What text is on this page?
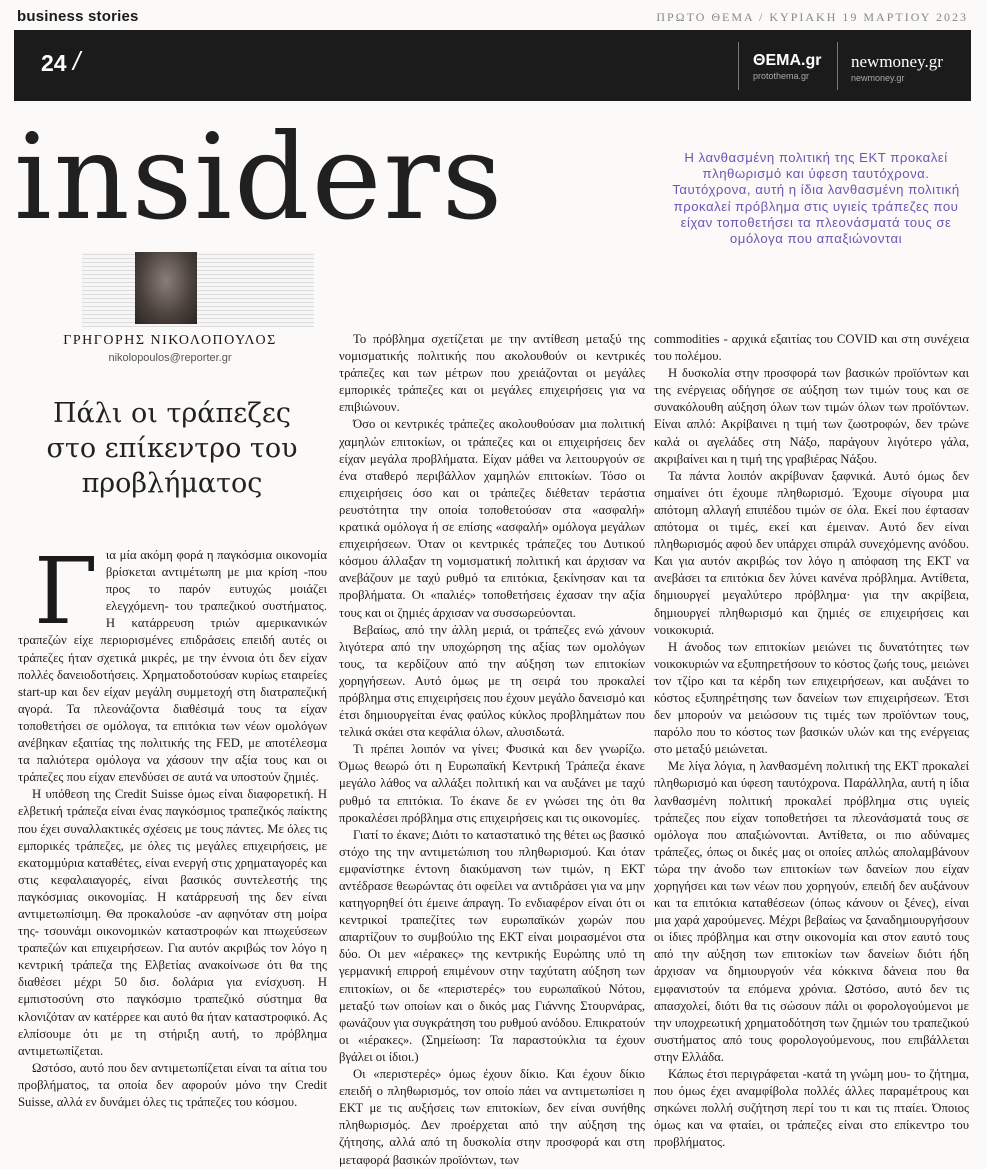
business stories	ΠΡΩΤΟ ΘΕΜΑ / ΚΥΡΙΑΚΗ 19 ΜΑΡΤΙΟΥ 2023
24 /	ΘΕΜΑ.gr
protothema.gr
newmoney.gr
newmoney.gr
insiders	Η λανθασμένη πολιτική της ΕΚΤ προκαλεί πληθωρισμό και ύφεση ταυτόχρονα. Ταυτόχρονα, αυτή η ίδια λανθασμένη πολιτική προκαλεί πρόβλημα στις υγιείς τράπεζες που είχαν τοποθετήσει τα πλεονάσματά τους σε ομόλογα που απαξιώνονται
ΓΡΗΓΟΡΗΣ ΝΙΚΟΛΟΠΟΥΛΟΣ
nikolopoulos@reporter.gr
Πάλι οι τράπεζες στο επίκεντρο του προβλήματος
Γ ια μία ακόμη φορά η παγκόσμια οικονομία βρίσκεται αντιμέτωπη με μια κρίση -που προς το παρόν ευτυχώς μοιάζει ελεγχόμενη- του τραπεζικού συστήματος. Η κατάρρευση τριών αμερικανικών τραπεζών είχε περιορισμένες επιδράσεις επειδή αυτές οι τράπεζες ήταν σχετικά μικρές, με την έννοια ότι δεν είχαν πολλές δανειοδοτήσεις. Χρηματοδοτούσαν κυρίως εταιρείες start-up και δεν είχαν μεγάλη συμμετοχή στη διατραπεζική αγορά. Τα πλεονάζοντα διαθέσιμά τους τα είχαν τοποθετήσει σε ομόλογα, τα επιτόκια των νέων ομολόγων ανέβηκαν εξαιτίας της πολιτικής της FED, με αποτέλεσμα τα παλιότερα ομόλογα να χάσουν την αξία τους και οι τράπεζες που είχαν επενδύσει σε αυτά να υποστούν ζημιές.

Η υπόθεση της Credit Suisse όμως είναι διαφορετική. Η ελβετική τράπεζα είναι ένας παγκόσμιος τραπεζικός παίκτης που έχει συναλλακτικές σχέσεις με τους πάντες. Με όλες τις εμπορικές τράπεζες, με όλες τις μεγάλες επιχειρήσεις, με εκατομμύρια καταθέτες, είναι ενεργή στις χρηματαγορές και στις κεφαλαιαγορές, είναι βασικός συντελεστής της παγκόσμιας οικονομίας. Η κατάρρευσή της δεν είναι αντιμετωπίσιμη. Θα προκαλούσε -αν αφηνόταν στη μοίρα της- τσουνάμι οικονομικών καταστροφών και πτωχεύσεων τραπεζών και επιχειρήσεων. Για αυτόν ακριβώς τον λόγο η κεντρική τράπεζα της Ελβετίας ανακοίνωσε ότι θα της διαθέσει μέχρι 50 δισ. δολάρια για ενίσχυση. Η εμπιστοσύνη στο παγκόσμιο τραπεζικό σύστημα θα κλονιζόταν αν κατέρρεε και αυτό θα ήταν καταστροφικό. Ας ελπίσουμε ότι με τη στήριξη αυτή, το πρόβλημα αντιμετωπίζεται.

Ωστόσο, αυτό που δεν αντιμετωπίζεται είναι τα αίτια του προβλήματος, τα οποία δεν αφορούν μόνο την Credit Suisse, αλλά εν δυνάμει όλες τις τράπεζες του κόσμου.

Το πρόβλημα σχετίζεται με την αντίθεση μεταξύ της νομισματικής πολιτικής που ακολουθούν οι κεντρικές τράπεζες και των μέτρων που χρειάζονται οι μεγάλες εμπορικές τράπεζες και οι μεγάλες επιχειρήσεις για να επιβιώνουν.

Όσο οι κεντρικές τράπεζες ακολουθούσαν μια πολιτική χαμηλών επιτοκίων, οι τράπεζες και οι επιχειρήσεις δεν είχαν μεγάλα προβλήματα. Είχαν μάθει να λειτουργούν σε ένα σταθερό περιβάλλον χαμηλών επιτοκίων. Τόσο οι επιχειρήσεις όσο και οι τράπεζες διέθεταν τεράστια ρευστότητα την οποία τοποθετούσαν στα «ασφαλή» κρατικά ομόλογα ή σε επίσης «ασφαλή» ομόλογα μεγάλων επιχειρήσεων. Όταν οι κεντρικές τράπεζες του Δυτικού κόσμου άλλαξαν τη νομισματική πολιτική και άρχισαν να ανεβάζουν με ταχύ ρυθμό τα επιτόκια, ξεκίνησαν και τα προβλήματα. Οι «παλιές» τοποθετήσεις έχασαν την αξία τους και οι ζημιές άρχισαν να συσσωρεύονται.

Βεβαίως, από την άλλη μεριά, οι τράπεζες ενώ χάνουν λιγότερα από την υποχώρηση της αξίας των ομολόγων τους, τα κερδίζουν από την αύξηση των επιτοκίων χορηγήσεων. Αυτό όμως με τη σειρά του προκαλεί πρόβλημα στις επιχειρήσεις που έχουν μεγάλο δανεισμό και έτσι δημιουργείται ένας φαύλος κύκλος προβλημάτων που τελικά σκάει στα κεφάλια όλων, αλυσιδωτά.

Τι πρέπει λοιπόν να γίνει; Φυσικά και δεν γνωρίζω. Όμως θεωρώ ότι η Ευρωπαϊκή Κεντρική Τράπεζα έκανε μεγάλο λάθος να αλλάξει πολιτική και να αυξάνει με ταχύ ρυθμό τα επιτόκια. Το έκανε δε εν γνώσει της ότι θα προκαλέσει πρόβλημα στις επιχειρήσεις και τις οικονομίες.

Γιατί το έκανε; Διότι το καταστατικό της θέτει ως βασικό στόχο της την αντιμετώπιση του πληθωρισμού. Και όταν εμφανίστηκε έντονη διακύμανση των τιμών, η ΕΚΤ αντέδρασε θεωρώντας ότι οφείλει να αντιδράσει για να μην κατηγορηθεί ότι έμεινε άπραγη. Το ενδιαφέρον είναι ότι οι κεντρικοί τραπεζίτες των ευρωπαϊκών χωρών που απαρτίζουν το συμβούλιο της ΕΚΤ είναι μοιρασμένοι στα δύο. Οι μεν «ιέρακες» της κεντρικής Ευρώπης υπό τη γερμανική επιρροή επιμένουν στην ταχύτατη αύξηση των επιτοκίων, οι δε «περιστερές» του ευρωπαϊκού Νότου, μεταξύ των οποίων και ο δικός μας Γιάννης Στουρνάρας, φωνάζουν για συγκράτηση του ρυθμού ανόδου. Επικρατούν οι «ιέρακες». (Σημείωση: Τα παραστούκλια τα έχουν βγάλει οι ίδιοι.)

Οι «περιστερές» όμως έχουν δίκιο. Και έχουν δίκιο επειδή ο πληθωρισμός, τον οποίο πάει να αντιμετωπίσει η ΕΚΤ με τις αυξήσεις των επιτοκίων, δεν είναι συνήθης πληθωρισμός. Δεν προέρχεται από την αύξηση της ζήτησης, αλλά από τη δυσκολία στην προσφορά και στη μεταφορά βασικών προϊόντων, των

commodities - αρχικά εξαιτίας του COVID και στη συνέχεια του πολέμου.

Η δυσκολία στην προσφορά των βασικών προϊόντων και της ενέργειας οδήγησε σε αύξηση των τιμών τους και σε συνακόλουθη αύξηση όλων των τιμών όλων των προϊόντων. Είναι απλό: Ακρίβαινει η τιμή των ζωοτροφών, δεν τρώνε καλά οι αγελάδες στη Νάξο, παράγουν λιγότερο γάλα, ακριβαίνει και η τιμή της γραβιέρας Νάξου.

Τα πάντα λοιπόν ακρίβυναν ξαφνικά. Αυτό όμως δεν σημαίνει ότι έχουμε πληθωρισμό. Έχουμε σίγουρα μια απότομη αλλαγή επιπέδου τιμών σε όλα. Εκεί που έφτασαν απότομα οι τιμές, εκεί και έμειναν. Αυτό δεν είναι πληθωρισμός αφού δεν υπάρχει σπιράλ συνεχόμενης ανόδου. Και για αυτόν ακριβώς τον λόγο η απόφαση της ΕΚΤ να ανεβάσει τα επιτόκια δεν λύνει κανένα πρόβλημα. Αντίθετα, δημιουργεί μεγαλύτερο πρόβλημα· για την ακρίβεια, δημιουργεί πληθωρισμό και ζημιές σε επιχειρήσεις και νοικοκυριά.

Η άνοδος των επιτοκίων μειώνει τις δυνατότητες των νοικοκυριών να εξυπηρετήσουν το κόστος ζωής τους, μειώνει τον τζίρο και τα κέρδη των επιχειρήσεων, και αυξάνει το κόστος εξυπηρέτησης των δανείων των επιχειρήσεων. Έτσι δεν μπορούν να μειώσουν τις τιμές των προϊόντων τους, παρόλο που το κόστος των βασικών υλών και της ενέργειας στο μεταξύ μειώνεται.

Με λίγα λόγια, η λανθασμένη πολιτική της ΕΚΤ προκαλεί πληθωρισμό και ύφεση ταυτόχρονα. Παράλληλα, αυτή η ίδια λανθασμένη πολιτική προκαλεί πρόβλημα στις υγιείς τράπεζες που είχαν τοποθετήσει τα πλεονάσματά τους σε ομόλογα που απαξιώνονται. Αντίθετα, οι πιο αδύναμες τράπεζες, όπως οι δικές μας οι οποίες απλώς απολαμβάνουν τώρα την άνοδο των επιτοκίων των δανείων που είχαν χορηγήσει και των νέων που χορηγούν, επειδή δεν αυξάνουν και τα επιτόκια καταθέσεων (όπως κάνουν οι ξένες), είναι μια χαρά χαρούμενες. Μέχρι βεβαίως να ξαναδημιουργήσουν οι ίδιες πρόβλημα και στην οικονομία και στον εαυτό τους από την αύξηση των επιτοκίων των δανείων διότι ήδη άρχισαν να δημιουργούν νέα κόκκινα δάνεια που θα εμφανιστούν τα επόμενα χρόνια. Ωστόσο, αυτό δεν τις απασχολεί, διότι θα τις σώσουν πάλι οι φορολογούμενοι με την υποχρεωτική χρηματοδότηση των ζημιών του τραπεζικού συστήματος από τους φορολογούμενους, που επιβάλλεται στην Ελλάδα.

Κάπως έτσι περιγράφεται -κατά τη γνώμη μου- το ζήτημα, που όμως έχει αναμφίβολα πολλές άλλες παραμέτρους και σηκώνει πολλή συζήτηση περί του τι και τις πταίει. Όποιος όμως και να φταίει, οι τράπεζες είναι στο επίκεντρο του προβλήματος.
